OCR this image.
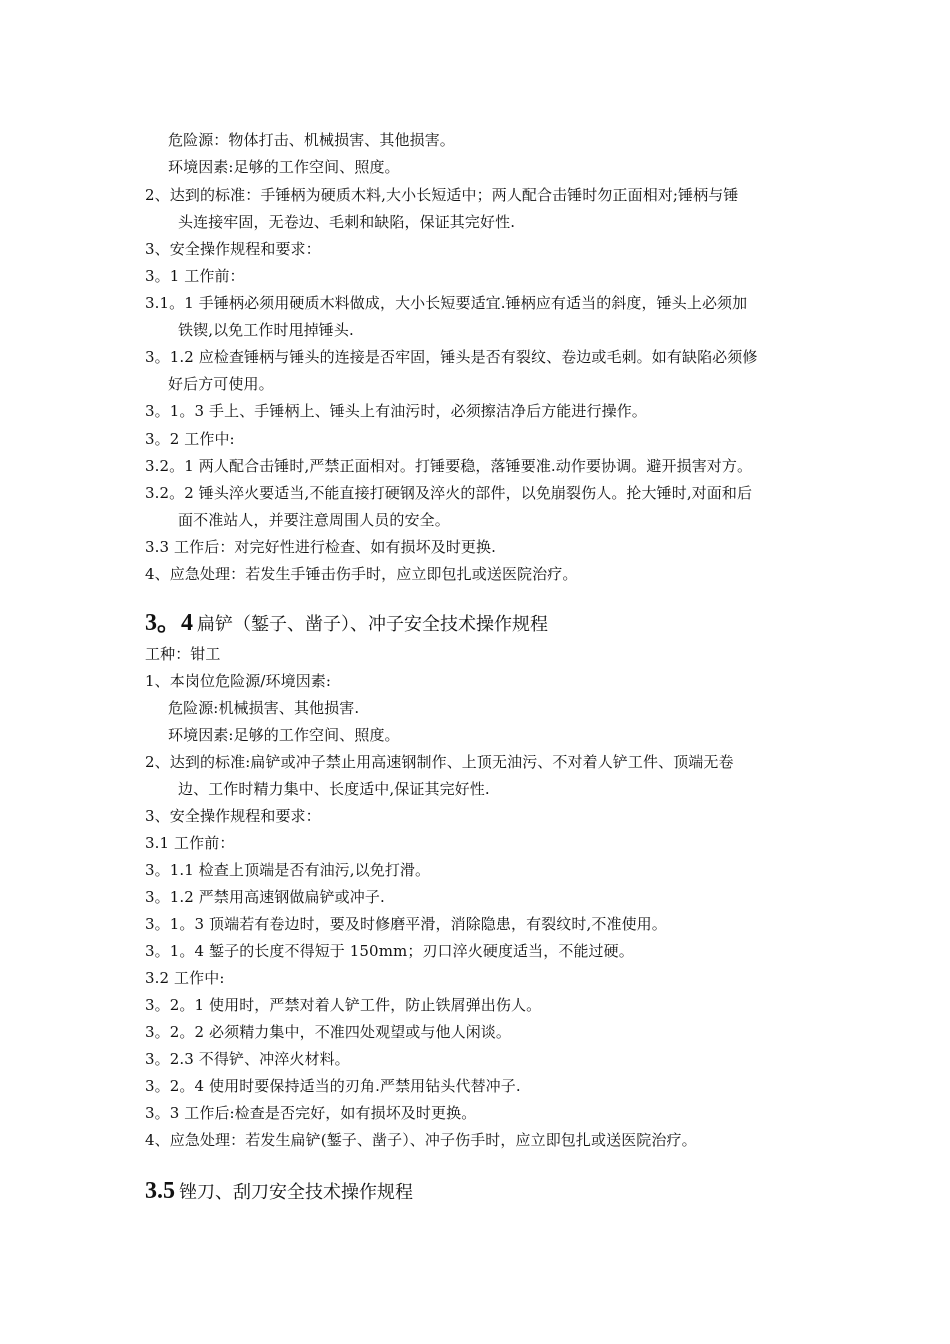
危险源：物体打击、机械损害、其他损害。
环境因素:足够的工作空间、照度。
2、达到的标准：手锤柄为硬质木料,大小长短适中；两人配合击锤时勿正面相对;锤柄与锤
头连接牢固，无卷边、毛刺和缺陷，保证其完好性.
3、安全操作规程和要求：
3。1 工作前：
3.1。1 手锤柄必须用硬质木料做成，大小长短要适宜.锤柄应有适当的斜度，锤头上必须加
铁锲,以免工作时甩掉锤头.
3。1.2 应检查锤柄与锤头的连接是否牢固，锤头是否有裂纹、卷边或毛刺。如有缺陷必须修
好后方可使用。
3。1。3 手上、手锤柄上、锤头上有油污时，必须擦洁净后方能进行操作。
3。2 工作中:
3.2。1 两人配合击锤时,严禁正面相对。打锤要稳，落锤要准.动作要协调。避开损害对方。
3.2。2 锤头淬火要适当,不能直接打硬钢及淬火的部件，以免崩裂伤人。抡大锤时,对面和后
面不准站人，并要注意周围人员的安全。
3.3 工作后：对完好性进行检查、如有损坏及时更换.
4、应急处理：若发生手锤击伤手时，应立即包扎或送医院治疗。
3。4 扁铲（錾子、凿子）、冲子安全技术操作规程
工种：钳工
1、本岗位危险源/环境因素:
危险源:机械损害、其他损害.
环境因素:足够的工作空间、照度。
2、达到的标准:扁铲或冲子禁止用高速钢制作、上顶无油污、不对着人铲工件、顶端无卷
边、工作时精力集中、长度适中,保证其完好性.
3、安全操作规程和要求：
3.1 工作前：
3。1.1 检查上顶端是否有油污,以免打滑。
3。1.2 严禁用高速钢做扁铲或冲子.
3。1。3 顶端若有卷边时，要及时修磨平滑，消除隐患，有裂纹时,不准使用。
3。1。4 錾子的长度不得短于 150mm；刃口淬火硬度适当，不能过硬。
3.2 工作中:
3。2。1 使用时，严禁对着人铲工件，防止铁屑弹出伤人。
3。2。2 必须精力集中，不准四处观望或与他人闲谈。
3。2.3 不得铲、冲淬火材料。
3。2。4 使用时要保持适当的刃角.严禁用钻头代替冲子.
3。3 工作后:检查是否完好，如有损坏及时更换。
4、应急处理：若发生扁铲(錾子、凿子）、冲子伤手时，应立即包扎或送医院治疗。
3.5 锉刀、刮刀安全技术操作规程
